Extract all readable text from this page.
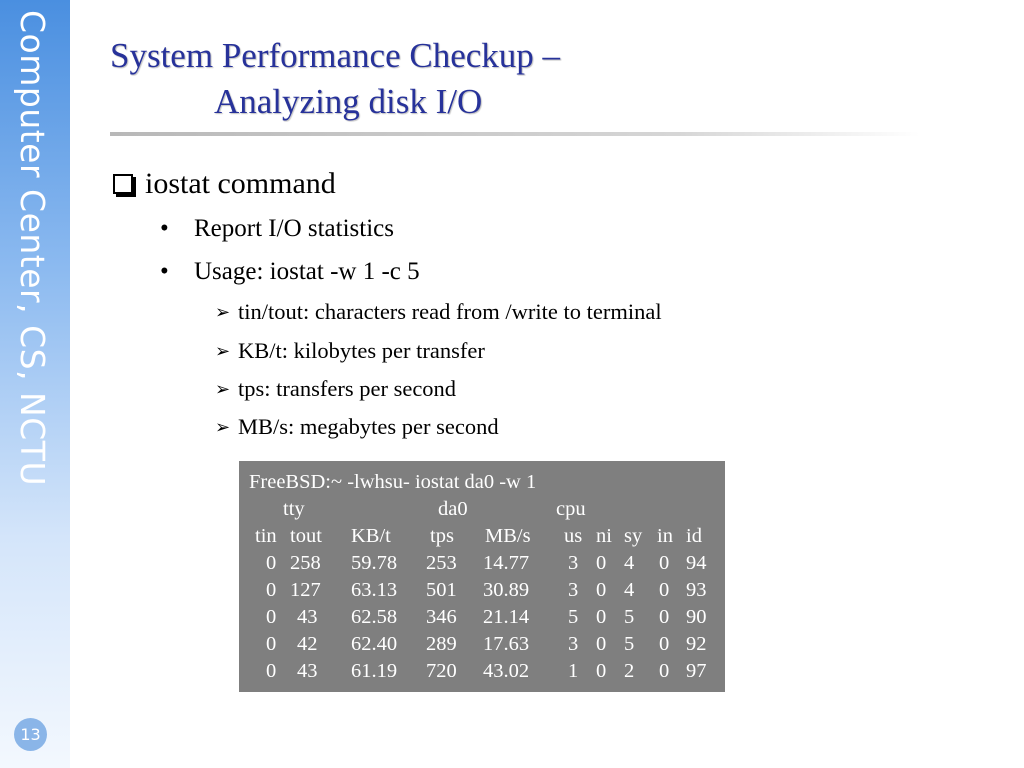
Computer Center, CS, NCTU
13
System Performance Checkup –
Analyzing disk I/O
iostat command
• Report I/O statistics
• Usage: iostat -w 1 -c 5
➢ tin/tout: characters read from /write to terminal
➢ KB/t: kilobytes per transfer
➢ tps: transfers per second
➢ MB/s: megabytes per second
FreeBSD:~ -lwhsu- iostat da0 -w 1
tty	da0	cpu
tin tout KB/t tps MB/s us ni sy in id
0 258 59.78 253 14.77 3 0 4 0 94
0 127 63.13 501 30.89 3 0 4 0 93
0 43 62.58 346 21.14 5 0 5 0 90
0 42 62.40 289 17.63 3 0 5 0 92
0 43 61.19 720 43.02 1 0 2 0 97
